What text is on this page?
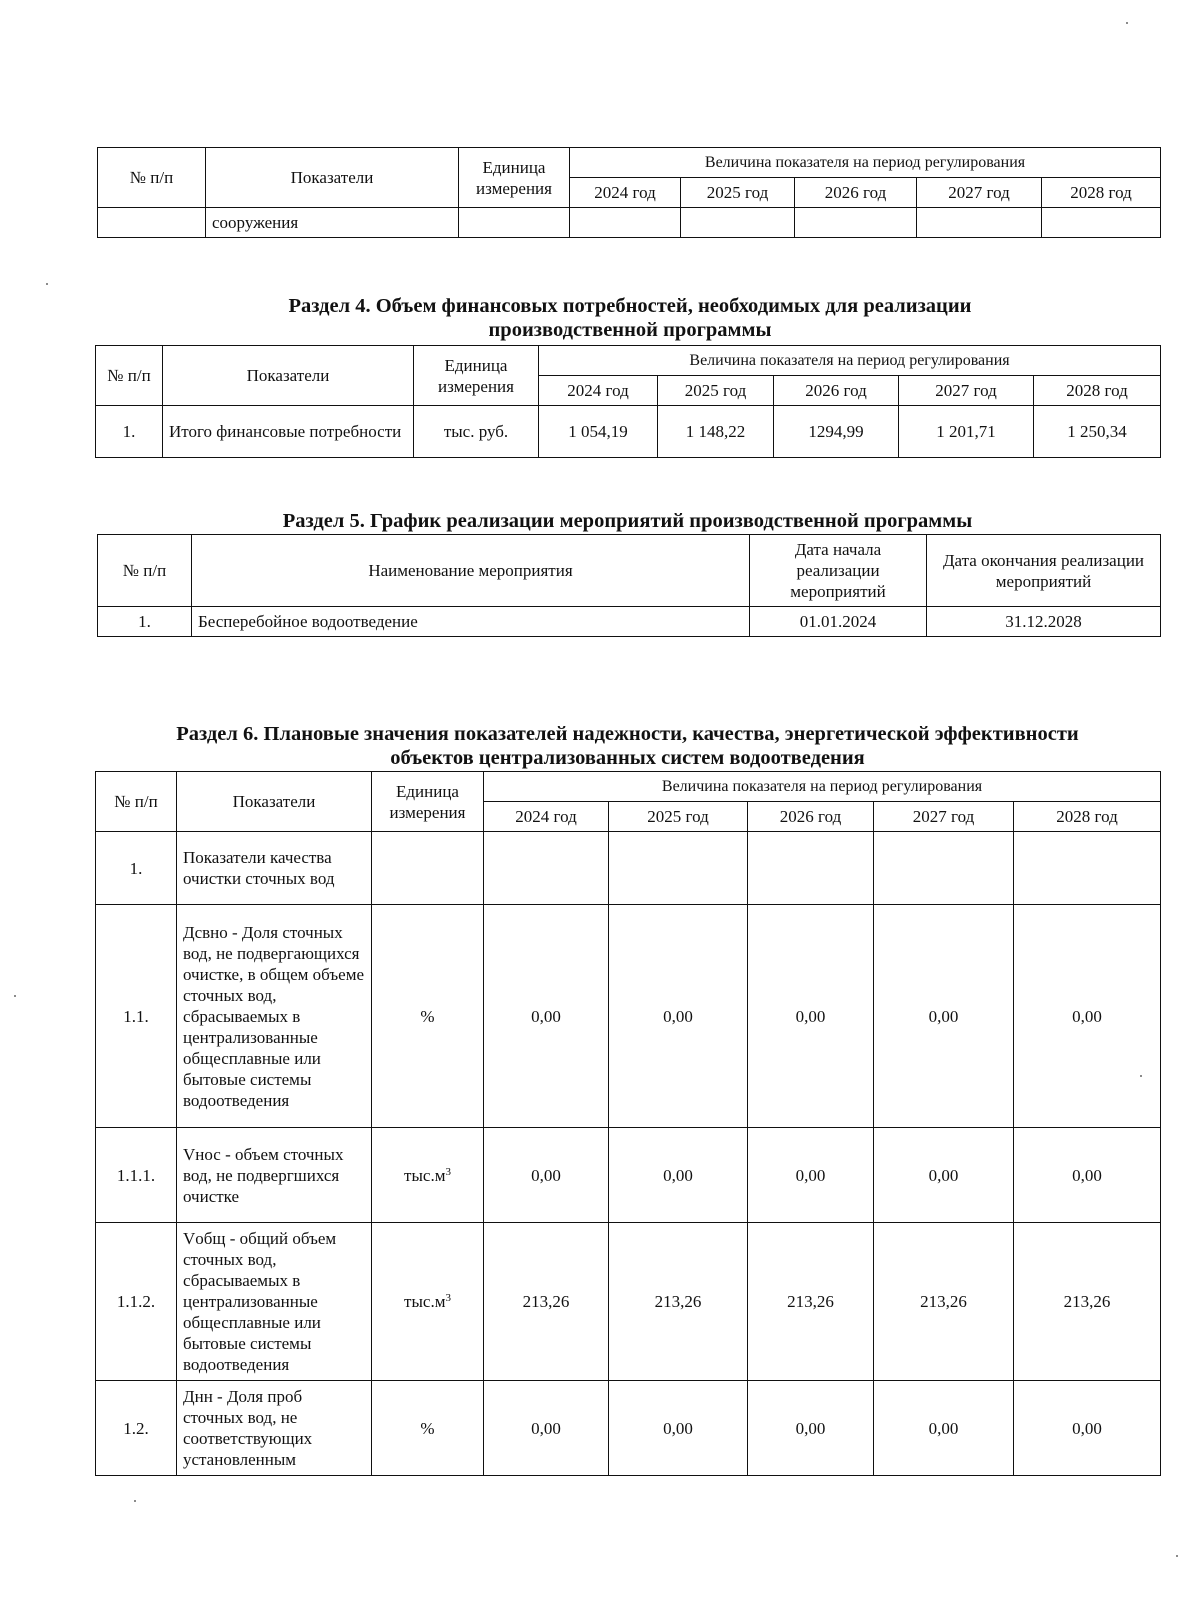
№ п/п	Показатели	Единица измерения	Величина показателя на период регулирования				
			2024 год	2025 год	2026 год	2027 год	2028 год
	сооружения						
Раздел 4. Объем финансовых потребностей, необходимых для реализации производственной программы
№ п/п	Показатели	Единица измерения	Величина показателя на период регулирования				
			2024 год	2025 год	2026 год	2027 год	2028 год
1.	Итого финансовые потребности	тыс. руб.	1 054,19	1 148,22	1294,99	1 201,71	1 250,34
Раздел 5. График реализации мероприятий производственной программы
№ п/п	Наименование мероприятия	Дата начала реализации мероприятий	Дата окончания реализации мероприятий
1.	Бесперебойное водоотведение	01.01.2024	31.12.2028
Раздел 6. Плановые значения показателей надежности, качества, энергетической эффективности объектов централизованных систем водоотведения
№ п/п	Показатели	Единица измерения	Величина показателя на период регулирования				
			2024 год	2025 год	2026 год	2027 год	2028 год
1.	Показатели качества очистки сточных вод						
1.1.	Дсвно - Доля сточных вод, не подвергающихся очистке, в общем объеме сточных вод, сбрасываемых в централизованные общесплавные или бытовые системы водоотведения	%	0,00	0,00	0,00	0,00	0,00
1.1.1.	Vнос - объем сточных вод, не подвергшихся очистке	$тыс.м^3$	0,00	0,00	0,00	0,00	0,00
1.1.2.	Vобщ - общий объем сточных вод, сбрасываемых в централизованные общесплавные или бытовые системы водоотведения	$тыс.м^3$	213,26	213,26	213,26	213,26	213,26
1.2.	Днн - Доля проб сточных вод, не соответствующих установленным	%	0,00	0,00	0,00	0,00	0,00
